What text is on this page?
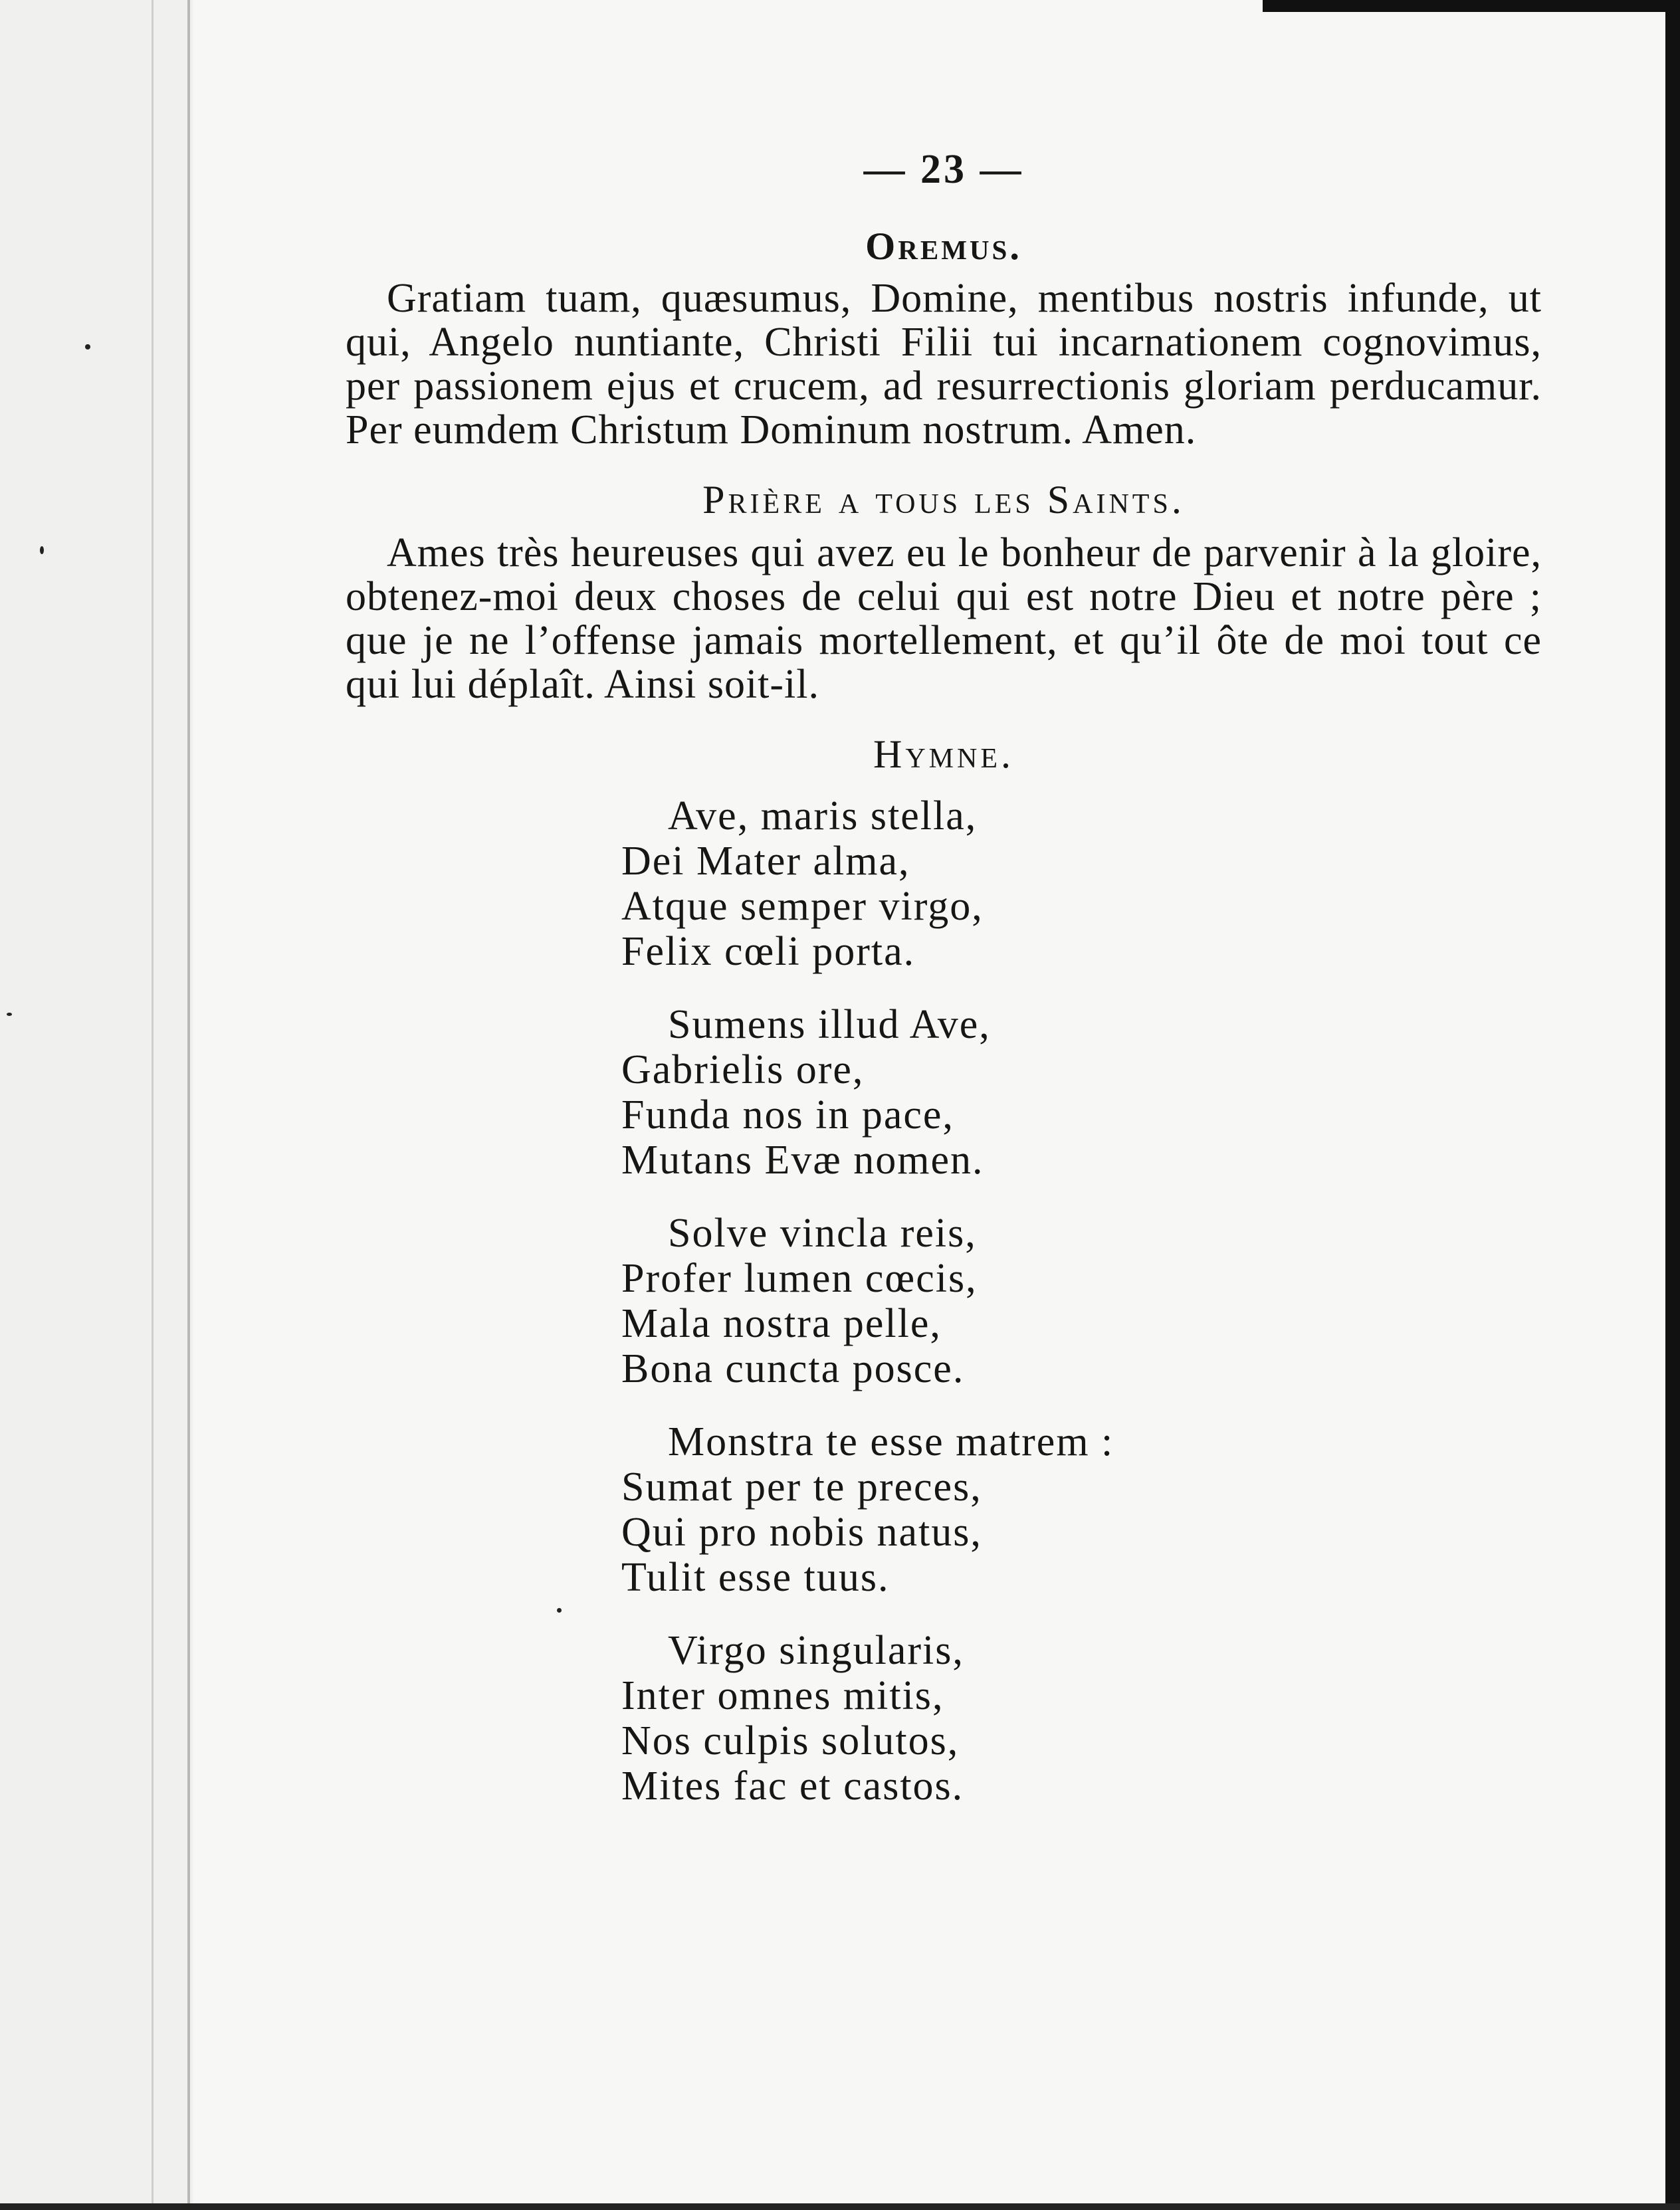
— 23 —
Oremus.

Gratiam tuam, quæsumus, Domine, mentibus nostris infunde, ut qui, Angelo nuntiante, Christi Filii tui incarnationem cognovimus, per passionem ejus et crucem, ad resurrectionis gloriam perducamur. Per eumdem Christum Dominum nostrum. Amen.

Prière a tous les Saints.

Ames très heureuses qui avez eu le bonheur de parvenir à la gloire, obtenez-moi deux choses de celui qui est notre Dieu et notre père ; que je ne l’offense jamais mortellement, et qu’il ôte de moi tout ce qui lui déplaît. Ainsi soit-il.

Hymne.
Ave, maris stella,
Dei Mater alma,
Atque semper virgo,
Felix cœli porta.
Sumens illud Ave,
Gabrielis ore,
Funda nos in pace,
Mutans Evæ nomen.
Solve vincla reis,
Profer lumen cœcis,
Mala nostra pelle,
Bona cuncta posce.
Monstra te esse matrem :
Sumat per te preces,
Qui pro nobis natus,
Tulit esse tuus.
Virgo singularis,
Inter omnes mitis,
Nos culpis solutos,
Mites fac et castos.
